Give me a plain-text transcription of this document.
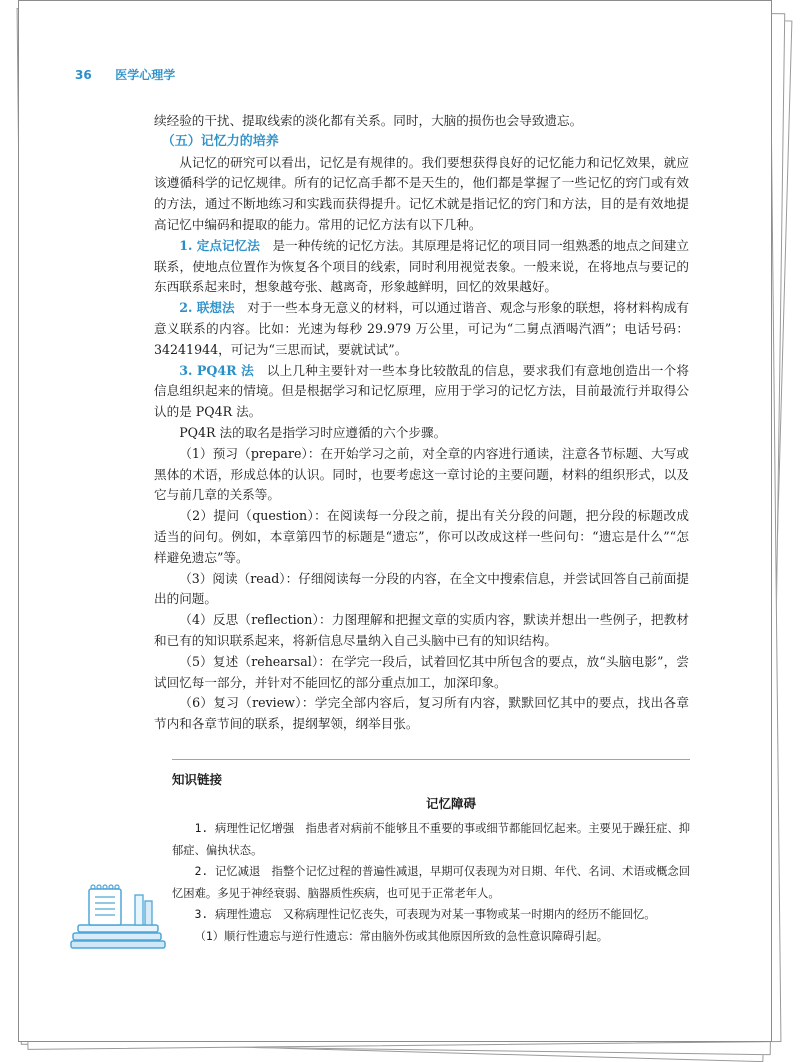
36 医学心理学

续经验的干扰、提取线索的淡化都有关系。同时，大脑的损伤也会导致遗忘。

（五）记忆力的培养

从记忆的研究可以看出，记忆是有规律的。我们要想获得良好的记忆能力和记忆效果，就应该遵循科学的记忆规律。所有的记忆高手都不是天生的，他们都是掌握了一些记忆的窍门或有效的方法，通过不断地练习和实践而获得提升。记忆术就是指记忆的窍门和方法，目的是有效地提高记忆中编码和提取的能力。常用的记忆方法有以下几种。

1. 定点记忆法　是一种传统的记忆方法。其原理是将记忆的项目同一组熟悉的地点之间建立联系，使地点位置作为恢复各个项目的线索，同时利用视觉表象。一般来说，在将地点与要记的东西联系起来时，想象越夸张、越离奇，形象越鲜明，回忆的效果越好。

2. 联想法　对于一些本身无意义的材料，可以通过谐音、观念与形象的联想，将材料构成有意义联系的内容。比如：光速为每秒 29.979 万公里，可记为“二舅点酒喝汽酒”；电话号码：34241944，可记为“三思而试，要就试试”。

3. PQ4R 法　以上几种主要针对一些本身比较散乱的信息，要求我们有意地创造出一个将信息组织起来的情境。但是根据学习和记忆原理，应用于学习的记忆方法，目前最流行并取得公认的是 PQ4R 法。

PQ4R 法的取名是指学习时应遵循的六个步骤。

（1）预习（prepare）：在开始学习之前，对全章的内容进行通读，注意各节标题、大写或黑体的术语，形成总体的认识。同时，也要考虑这一章讨论的主要问题，材料的组织形式，以及它与前几章的关系等。

（2）提问（question）：在阅读每一分段之前，提出有关分段的问题，把分段的标题改成适当的问句。例如，本章第四节的标题是“遗忘”，你可以改成这样一些问句：“遗忘是什么”“怎样避免遗忘”等。

（3）阅读（read）：仔细阅读每一分段的内容，在全文中搜索信息，并尝试回答自己前面提出的问题。

（4）反思（reflection）：力图理解和把握文章的实质内容，默读并想出一些例子，把教材和已有的知识联系起来，将新信息尽量纳入自己头脑中已有的知识结构。

（5）复述（rehearsal）：在学完一段后，试着回忆其中所包含的要点，放“头脑电影”，尝试回忆每一部分，并针对不能回忆的部分重点加工，加深印象。

（6）复习（review）：学完全部内容后，复习所有内容，默默回忆其中的要点，找出各章节内和各章节间的联系，提纲挈领，纲举目张。

知识链接
记忆障碍

1. 病理性记忆增强　指患者对病前不能够且不重要的事或细节都能回忆起来。主要见于躁狂症、抑郁症、偏执状态。

2. 记忆减退　指整个记忆过程的普遍性减退，早期可仅表现为对日期、年代、名词、术语或概念回忆困难。多见于神经衰弱、脑器质性疾病，也可见于正常老年人。

3. 病理性遗忘　又称病理性记忆丧失，可表现为对某一事物或某一时期内的经历不能回忆。

（1）顺行性遗忘与逆行性遗忘：常由脑外伤或其他原因所致的急性意识障碍引起。
